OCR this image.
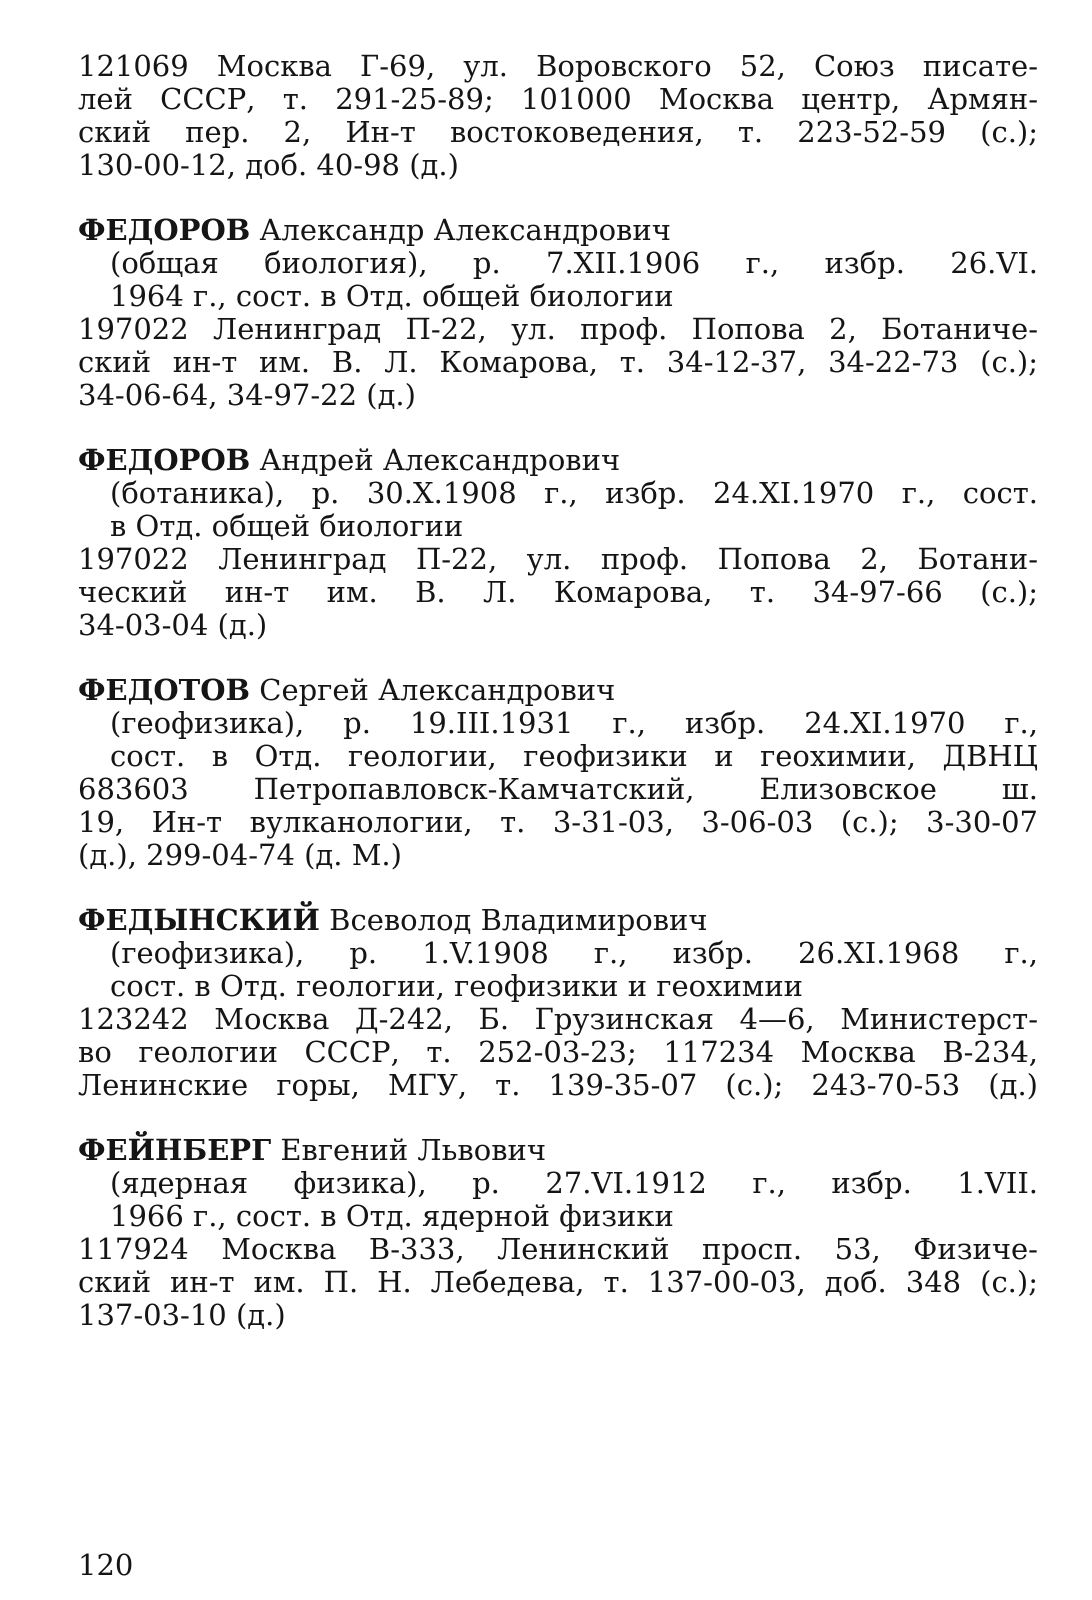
121069 Москва Г-69, ул. Воровского 52, Союз писате-
лей СССР, т. 291-25-89; 101000 Москва центр, Армян-
ский пер. 2, Ин-т востоковедения, т. 223-52-59 (с.);
130-00-12, доб. 40-98 (д.)
ФЕДОРОВ Александр Александрович
(общая биология), р. 7.XII.1906 г., избр. 26.VI.
1964 г., сост. в Отд. общей биологии
197022 Ленинград П-22, ул. проф. Попова 2, Ботаниче-
ский ин-т им. В. Л. Комарова, т. 34-12-37, 34-22-73 (с.);
34-06-64, 34-97-22 (д.)
ФЕДОРОВ Андрей Александрович
(ботаника), р. 30.X.1908 г., избр. 24.XI.1970 г., сост.
в Отд. общей биологии
197022 Ленинград П-22, ул. проф. Попова 2, Ботани-
ческий ин-т им. В. Л. Комарова, т. 34-97-66 (с.);
34-03-04 (д.)
ФЕДОТОВ Сергей Александрович
(геофизика), р. 19.III.1931 г., избр. 24.XI.1970 г.,
сост. в Отд. геологии, геофизики и геохимии, ДВНЦ
683603 Петропавловск-Камчатский, Елизовское ш.
19, Ин-т вулканологии, т. 3-31-03, 3-06-03 (с.); 3-30-07
(д.), 299-04-74 (д. М.)
ФЕДЫНСКИЙ Всеволод Владимирович
(геофизика), р. 1.V.1908 г., избр. 26.XI.1968 г.,
сост. в Отд. геологии, геофизики и геохимии
123242 Москва Д-242, Б. Грузинская 4—6, Министерст-
во геологии СССР, т. 252-03-23; 117234 Москва В-234,
Ленинские горы, МГУ, т. 139-35-07 (с.); 243-70-53 (д.)
ФЕЙНБЕРГ Евгений Львович
(ядерная физика), р. 27.VI.1912 г., избр. 1.VII.
1966 г., сост. в Отд. ядерной физики
117924 Москва В-333, Ленинский просп. 53, Физиче-
ский ин-т им. П. Н. Лебедева, т. 137-00-03, доб. 348 (с.);
137-03-10 (д.)
120
